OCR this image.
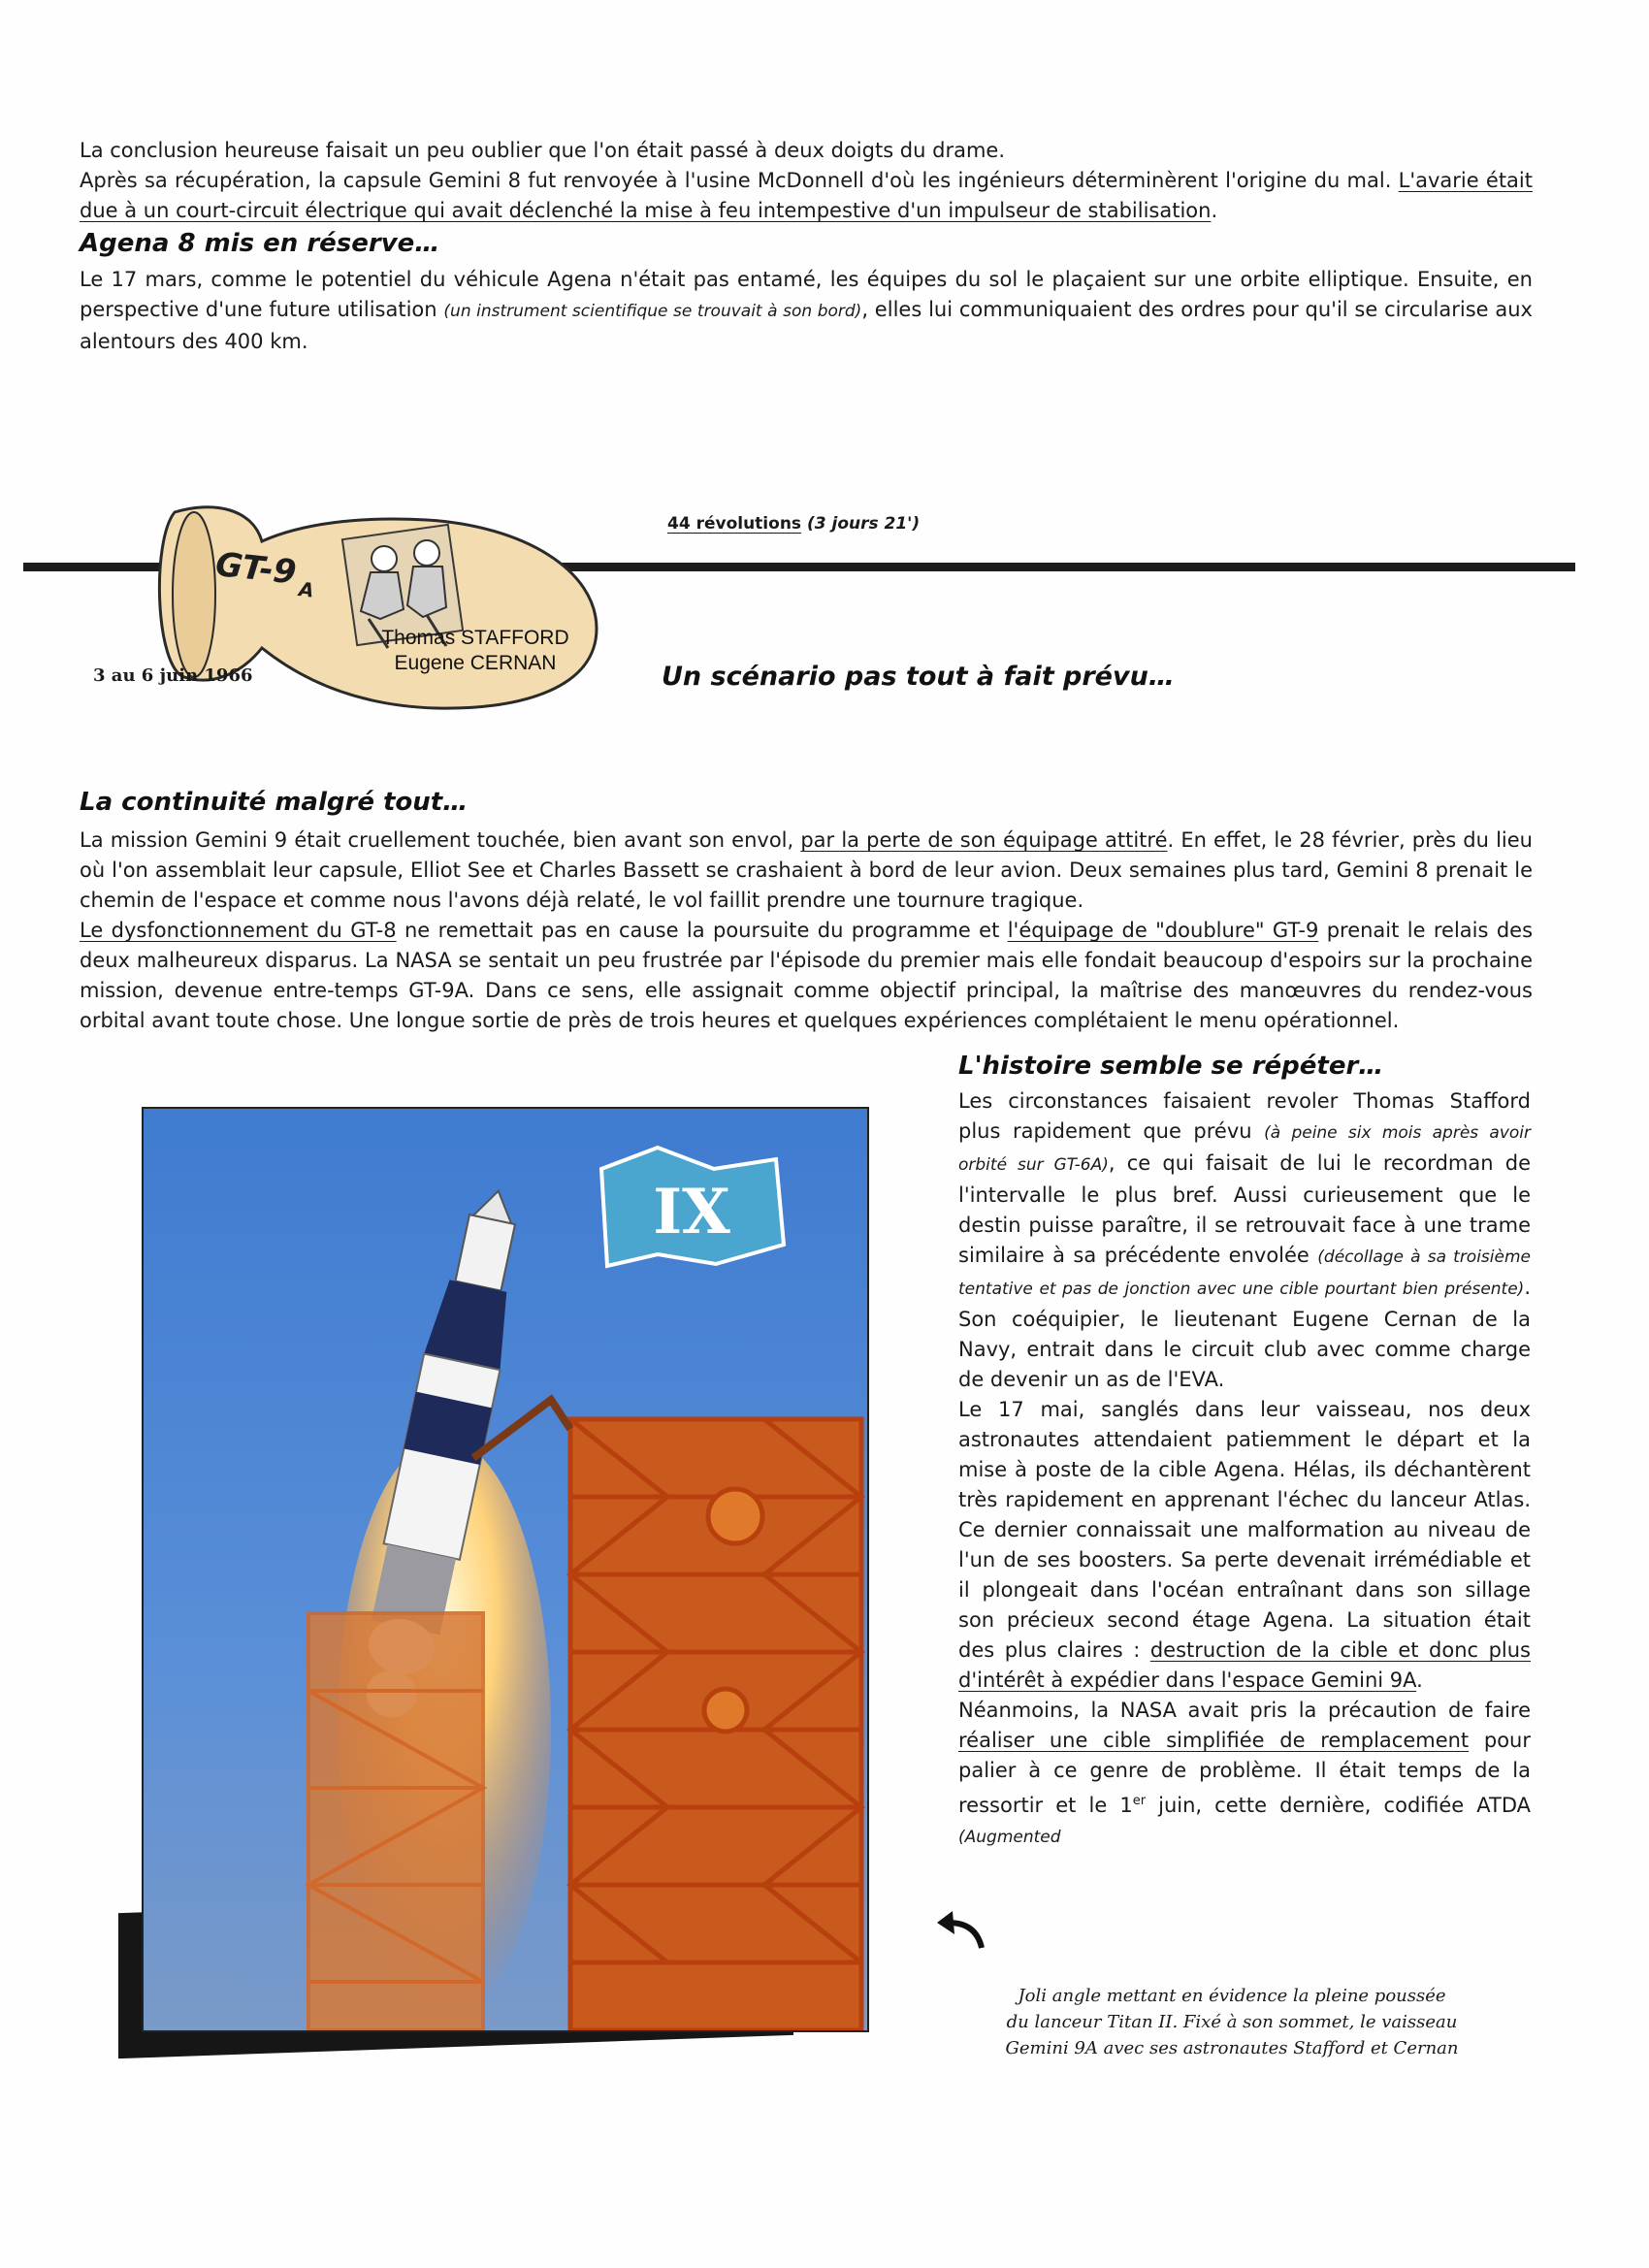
La conclusion heureuse faisait un peu oublier que l'on était passé à deux doigts du drame.

Après sa récupération, la capsule Gemini 8 fut renvoyée à l'usine McDonnell d'où les ingénieurs déterminèrent l'origine du mal. L'avarie était due à un court-circuit électrique qui avait déclenché la mise à feu intempestive d'un impulseur de stabilisation.

Agena 8 mis en réserve…

Le 17 mars, comme le potentiel du véhicule Agena n'était pas entamé, les équipes du sol le plaçaient sur une orbite elliptique. Ensuite, en perspective d'une future utilisation (un instrument scientifique se trouvait à son bord), elles lui communiquaient des ordres pour qu'il se circularise aux alentours des 400 km.

GT-9 A
Thomas STAFFORD
Eugene CERNAN
44 révolutions (3 jours 21')
3 au 6 juin 1966	Un scénario pas tout à fait prévu…
La continuité malgré tout…

La mission Gemini 9 était cruellement touchée, bien avant son envol, par la perte de son équipage attitré. En effet, le 28 février, près du lieu où l'on assemblait leur capsule, Elliot See et Charles Bassett se crashaient à bord de leur avion. Deux semaines plus tard, Gemini 8 prenait le chemin de l'espace et comme nous l'avons déjà relaté, le vol faillit prendre une tournure tragique.

Le dysfonctionnement du GT-8 ne remettait pas en cause la poursuite du programme et l'équipage de "doublure" GT-9 prenait le relais des deux malheureux disparus. La NASA se sentait un peu frustrée par l'épisode du premier mais elle fondait beaucoup d'espoirs sur la prochaine mission, devenue entre-temps GT-9A. Dans ce sens, elle assignait comme objectif principal, la maîtrise des manœuvres du rendez-vous orbital avant toute chose. Une longue sortie de près de trois heures et quelques expériences complétaient le menu opérationnel.

IX
Joli angle mettant en évidence la pleine poussée
du lanceur Titan II. Fixé à son sommet, le vaisseau
Gemini 9A avec ses astronautes Stafford et Cernan
L'histoire semble se répéter…

Les circonstances faisaient revoler Thomas Stafford plus rapidement que prévu (à peine six mois après avoir orbité sur GT-6A), ce qui faisait de lui le recordman de l'intervalle le plus bref. Aussi curieusement que le destin puisse paraître, il se retrouvait face à une trame similaire à sa précédente envolée (décollage à sa troisième tentative et pas de jonction avec une cible pourtant bien présente). Son coéquipier, le lieutenant Eugene Cernan de la Navy, entrait dans le circuit club avec comme charge de devenir un as de l'EVA.
Le 17 mai, sanglés dans leur vaisseau, nos deux astronautes attendaient patiemment le départ et la mise à poste de la cible Agena. Hélas, ils déchantèrent très rapidement en apprenant l'échec du lanceur Atlas. Ce dernier connaissait une malformation au niveau de l'un de ses boosters. Sa perte devenait irrémédiable et il plongeait dans l'océan entraînant dans son sillage son précieux second étage Agena. La situation était des plus claires : destruction de la cible et donc plus d'intérêt à expédier dans l'espace Gemini 9A.
Néanmoins, la NASA avait pris la précaution de faire réaliser une cible simplifiée de remplacement pour palier à ce genre de problème. Il était temps de la ressortir et le 1er juin, cette dernière, codifiée ATDA (Augmented
